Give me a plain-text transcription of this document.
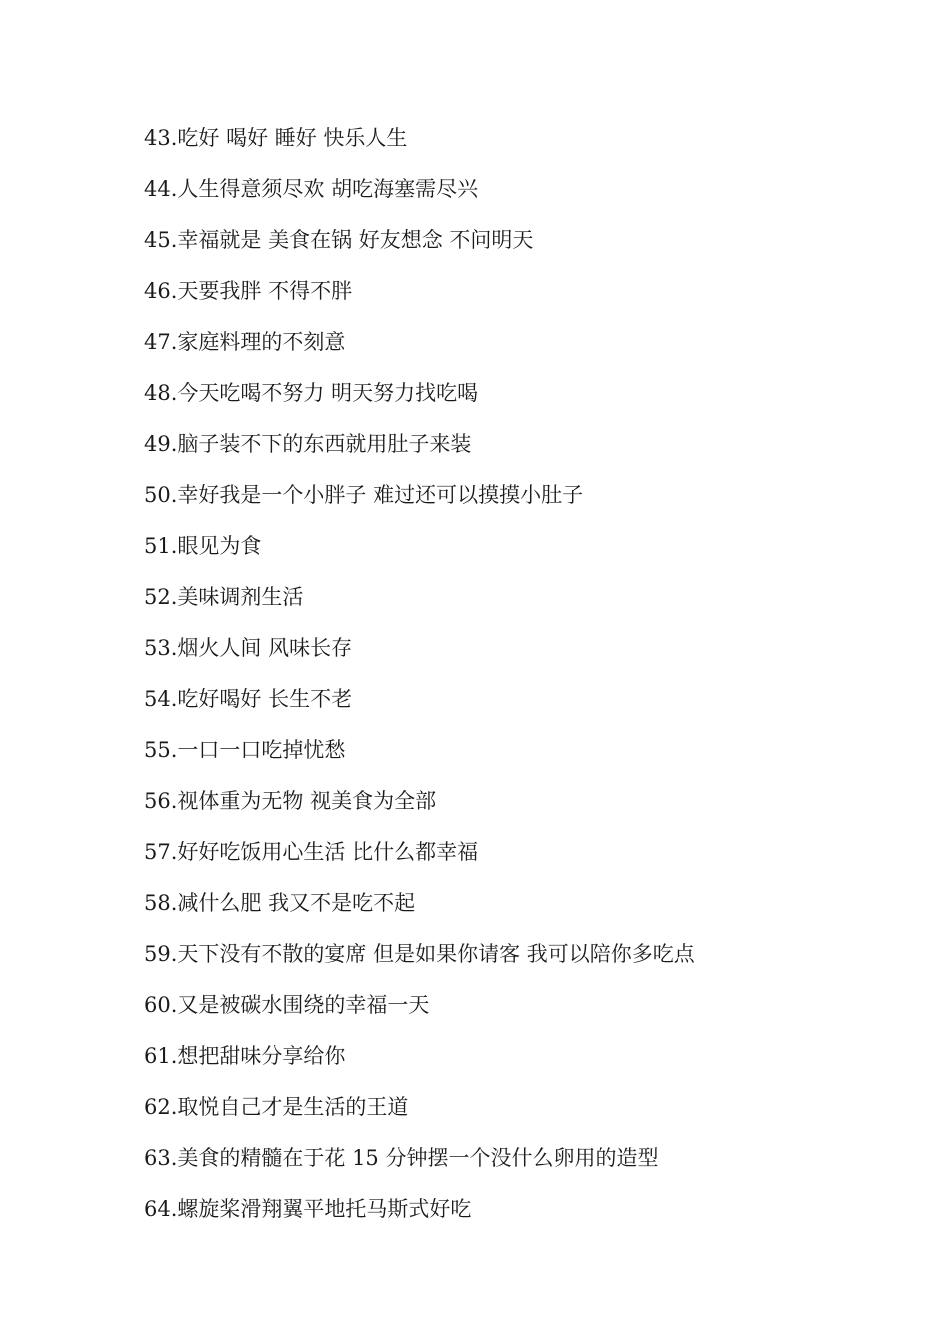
43.吃好 喝好 睡好 快乐人生
44.人生得意须尽欢 胡吃海塞需尽兴
45.幸福就是 美食在锅 好友想念 不问明天
46.天要我胖 不得不胖
47.家庭料理的不刻意
48.今天吃喝不努力 明天努力找吃喝
49.脑子装不下的东西就用肚子来装
50.幸好我是一个小胖子 难过还可以摸摸小肚子
51.眼见为食
52.美味调剂生活
53.烟火人间 风味长存
54.吃好喝好 长生不老
55.一口一口吃掉忧愁
56.视体重为无物 视美食为全部
57.好好吃饭用心生活 比什么都幸福
58.减什么肥 我又不是吃不起
59.天下没有不散的宴席 但是如果你请客 我可以陪你多吃点
60.又是被碳水围绕的幸福一天
61.想把甜味分享给你
62.取悦自己才是生活的王道
63.美食的精髓在于花 15 分钟摆一个没什么卵用的造型
64.螺旋桨滑翔翼平地托马斯式好吃
